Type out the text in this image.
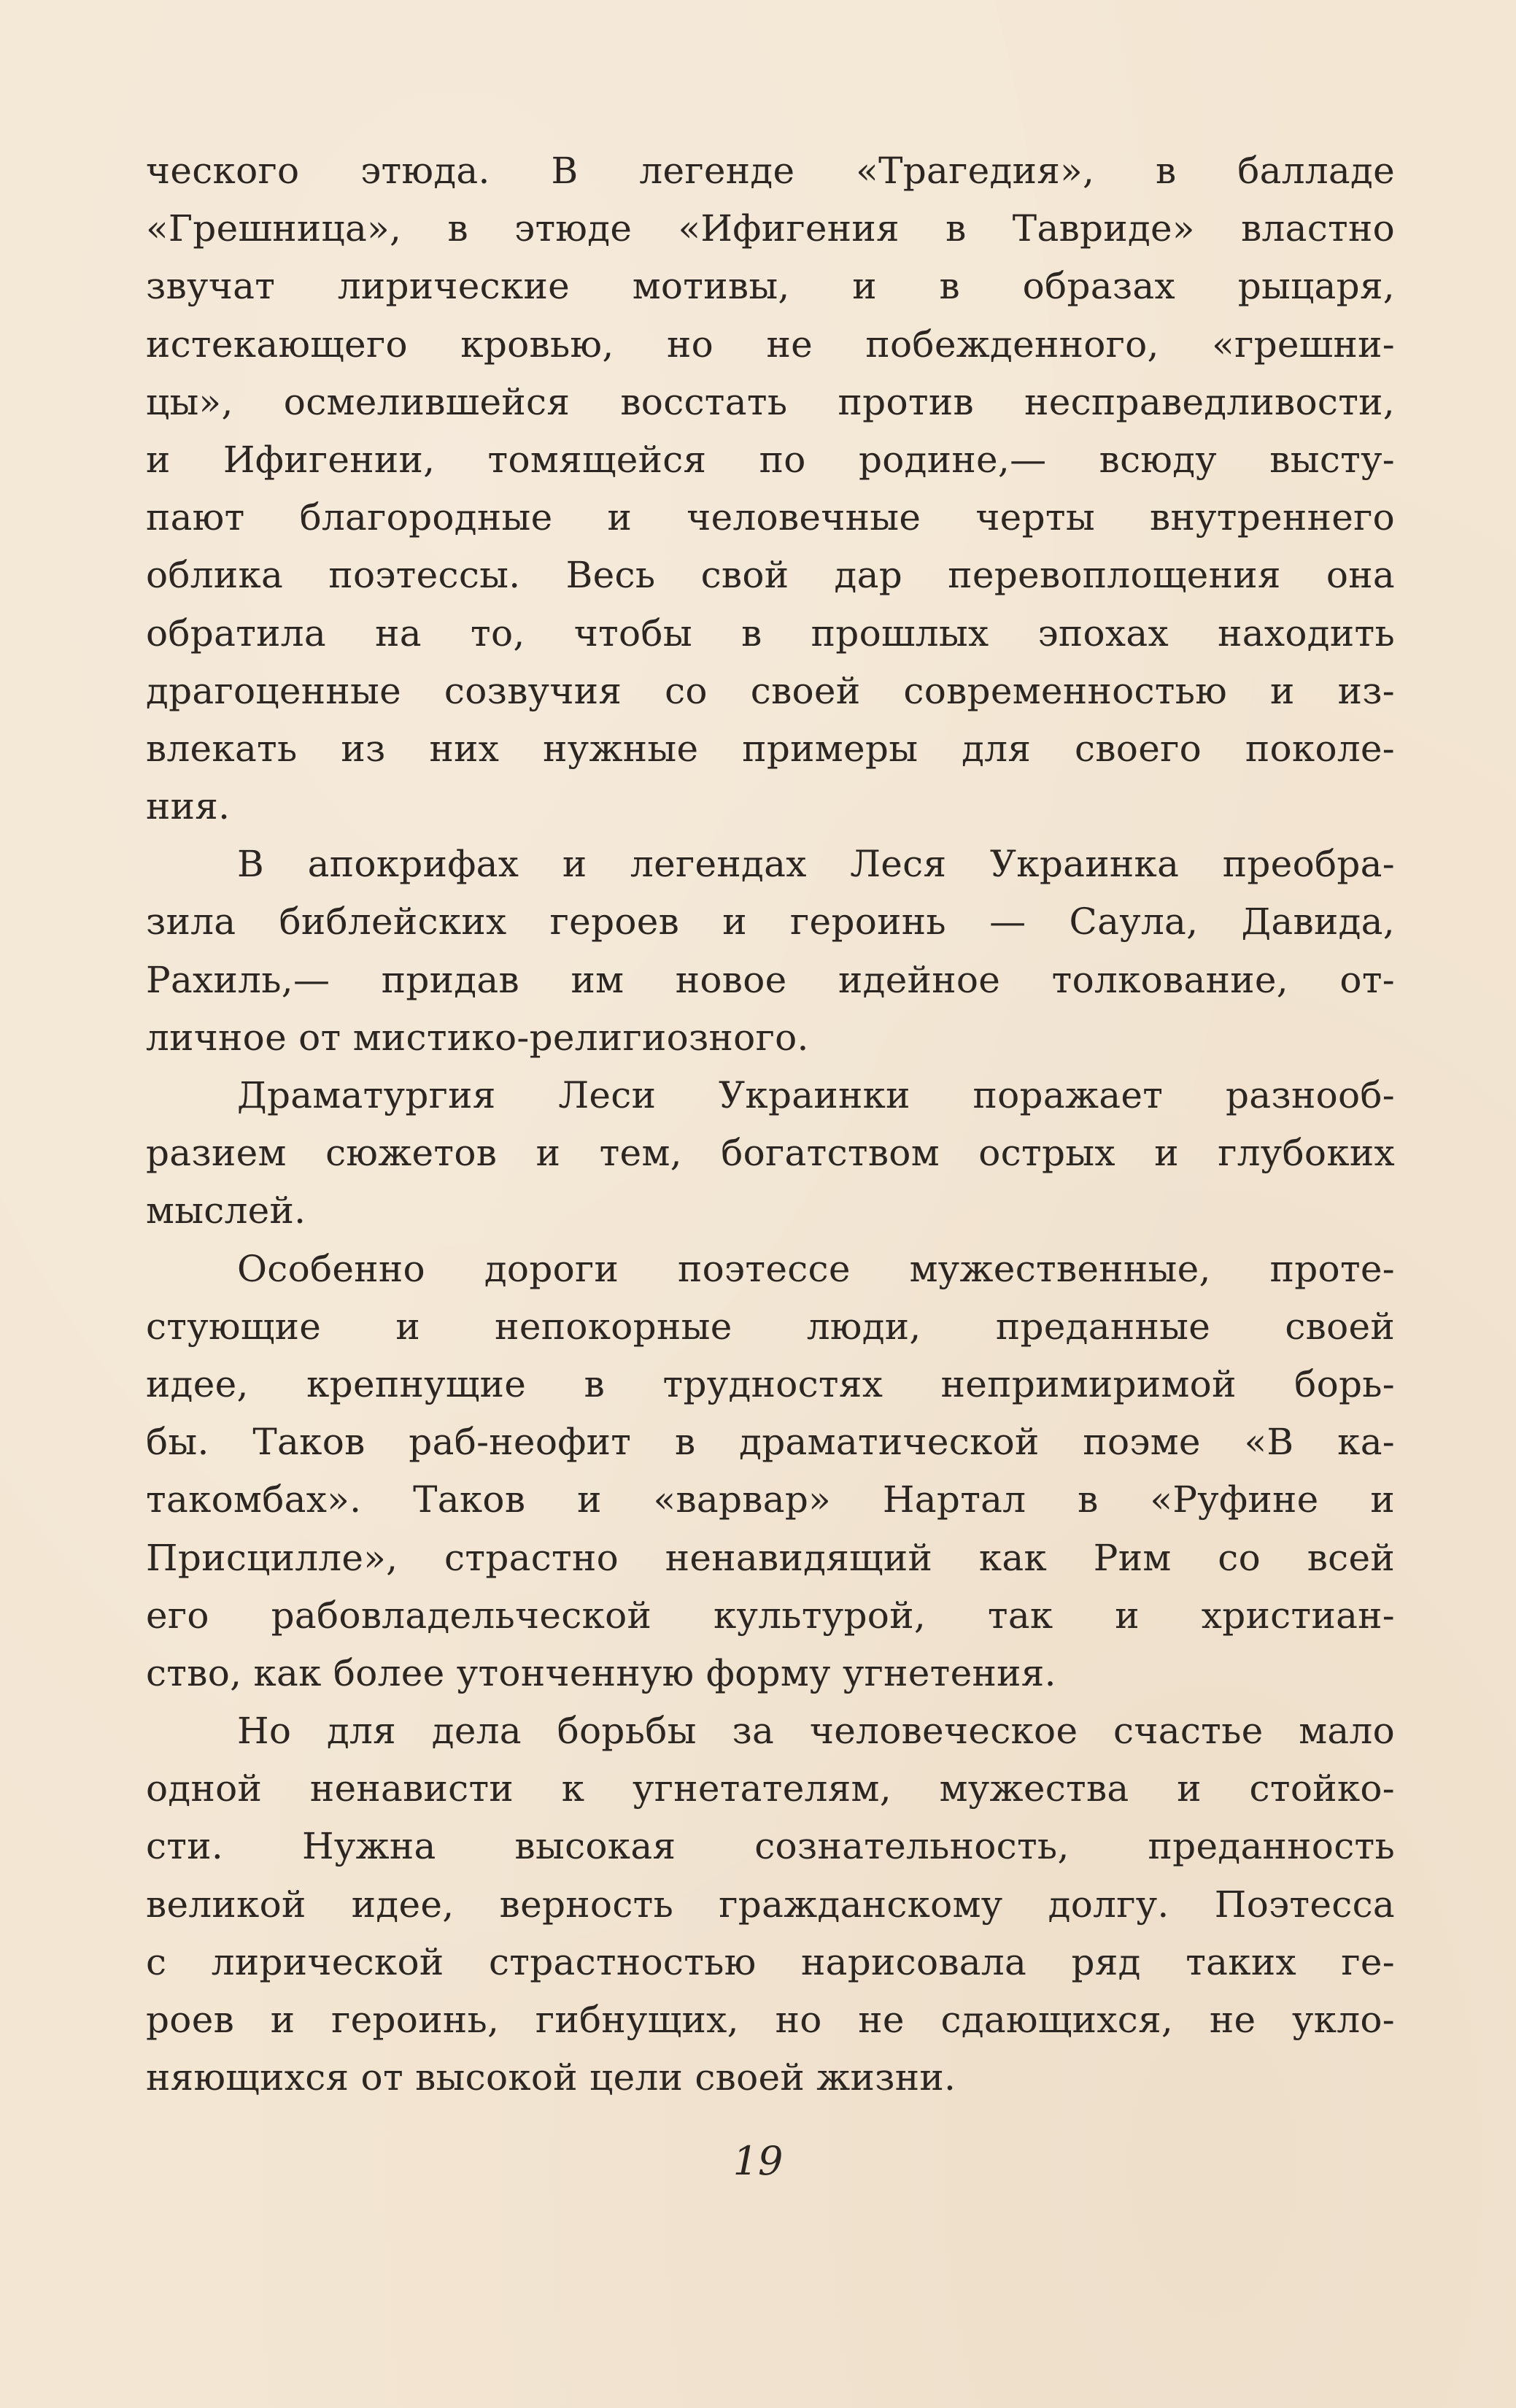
ческого этюда. В легенде «Трагедия», в балладе
«Грешница», в этюде «Ифигения в Тавриде» властно
звучат лирические мотивы, и в образах рыцаря,
истекающего кровью, но не побежденного, «грешни-
цы», осмелившейся восстать против несправедливости,
и Ифигении, томящейся по родине,— всюду высту-
пают благородные и человечные черты внутреннего
облика поэтессы. Весь свой дар перевоплощения она
обратила на то, чтобы в прошлых эпохах находить
драгоценные созвучия со своей современностью и из-
влекать из них нужные примеры для своего поколе-
ния.
В апокрифах и легендах Леся Украинка преобра-
зила библейских героев и героинь — Саула, Давида,
Рахиль,— придав им новое идейное толкование, от-
личное от мистико-религиозного.
Драматургия Леси Украинки поражает разнооб-
разием сюжетов и тем, богатством острых и глубоких
мыслей.
Особенно дороги поэтессе мужественные, проте-
стующие и непокорные люди, преданные своей
идее, крепнущие в трудностях непримиримой борь-
бы. Таков раб-неофит в драматической поэме «В ка-
такомбах». Таков и «варвар» Нартал в «Руфине и
Присцилле», страстно ненавидящий как Рим со всей
его рабовладельческой культурой, так и христиан-
ство, как более утонченную форму угнетения.
Но для дела борьбы за человеческое счастье мало
одной ненависти к угнетателям, мужества и стойко-
сти. Нужна высокая сознательность, преданность
великой идее, верность гражданскому долгу. Поэтесса
с лирической страстностью нарисовала ряд таких ге-
роев и героинь, гибнущих, но не сдающихся, не укло-
няющихся от высокой цели своей жизни.
19
